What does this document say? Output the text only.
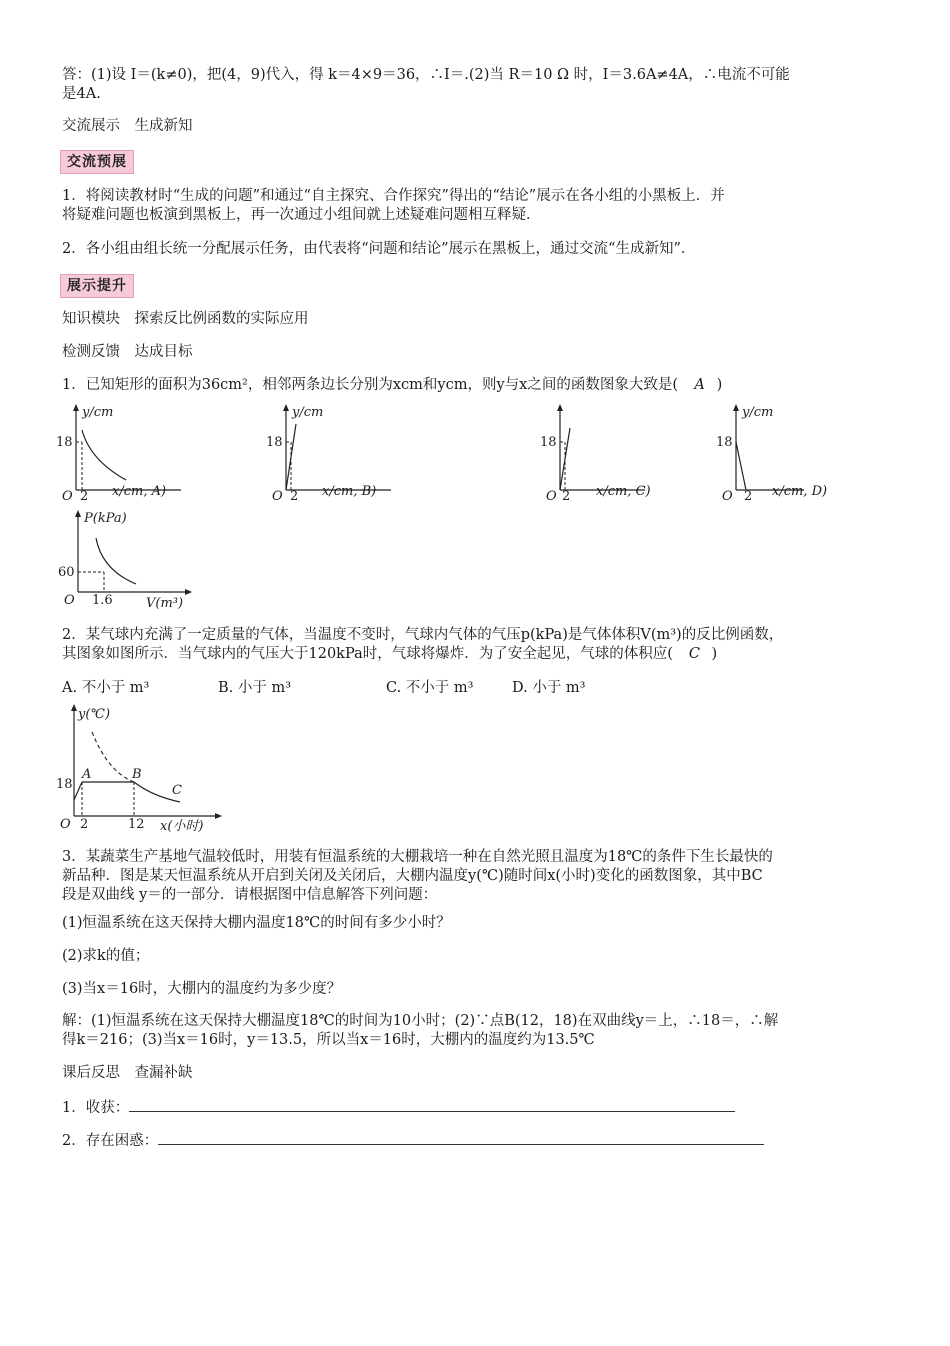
答：(1)设 I＝(k≠0)，把(4，9)代入，得 k＝4×9＝36，∴I＝.(2)当 R＝10 Ω 时，I＝3.6A≠4A，∴电流不可能
是4A.
交流展示　生成新知
交流预展
1．将阅读教材时“生成的问题”和通过“自主探究、合作探究”得出的“结论”展示在各小组的小黑板上．并
将疑难问题也板演到黑板上，再一次通过小组间就上述疑难问题相互释疑．
2．各小组由组长统一分配展示任务，由代表将“问题和结论”展示在黑板上，通过交流“生成新知”．
展示提升
知识模块　探索反比例函数的实际应用
检测反馈　达成目标
1．已知矩形的面积为36cm²，相邻两条边长分别为xcm和ycm，则y与x之间的函数图象大致是( A )
y/cm
18
O 2 x/cm, A)
y/cm
18
O 2 x/cm, B)
18
O 2 x/cm, C)
y/cm
18
O 2 x/cm, D)
P(kPa)
60
O 1.6	V(m³)
2．某气球内充满了一定质量的气体，当温度不变时，气球内气体的气压p(kPa)是气体体积V(m³)的反比例函数，
其图象如图所示．当气球内的气压大于120kPa时，气球将爆炸．为了安全起见，气球的体积应( C )
A. 不小于 m³	B. 小于 m³	C. 不小于 m³	D. 小于 m³
y(℃)
18
A	B
C
O 2	12 x(小时)
3．某蔬菜生产基地气温较低时，用装有恒温系统的大棚栽培一种在自然光照且温度为18℃的条件下生长最快的
新品种．图是某天恒温系统从开启到关闭及关闭后，大棚内温度y(℃)随时间x(小时)变化的函数图象，其中BC
段是双曲线 y＝的一部分．请根据图中信息解答下列问题：
(1)恒温系统在这天保持大棚内温度18℃的时间有多少小时？
(2)求k的值；
(3)当x＝16时，大棚内的温度约为多少度？
解：(1)恒温系统在这天保持大棚温度18℃的时间为10小时；(2)∵点B(12，18)在双曲线y＝上，∴18＝，∴解
得k＝216；(3)当x＝16时，y＝13.5，所以当x＝16时，大棚内的温度约为13.5℃
课后反思　查漏补缺
1．收获：
2．存在困惑：
